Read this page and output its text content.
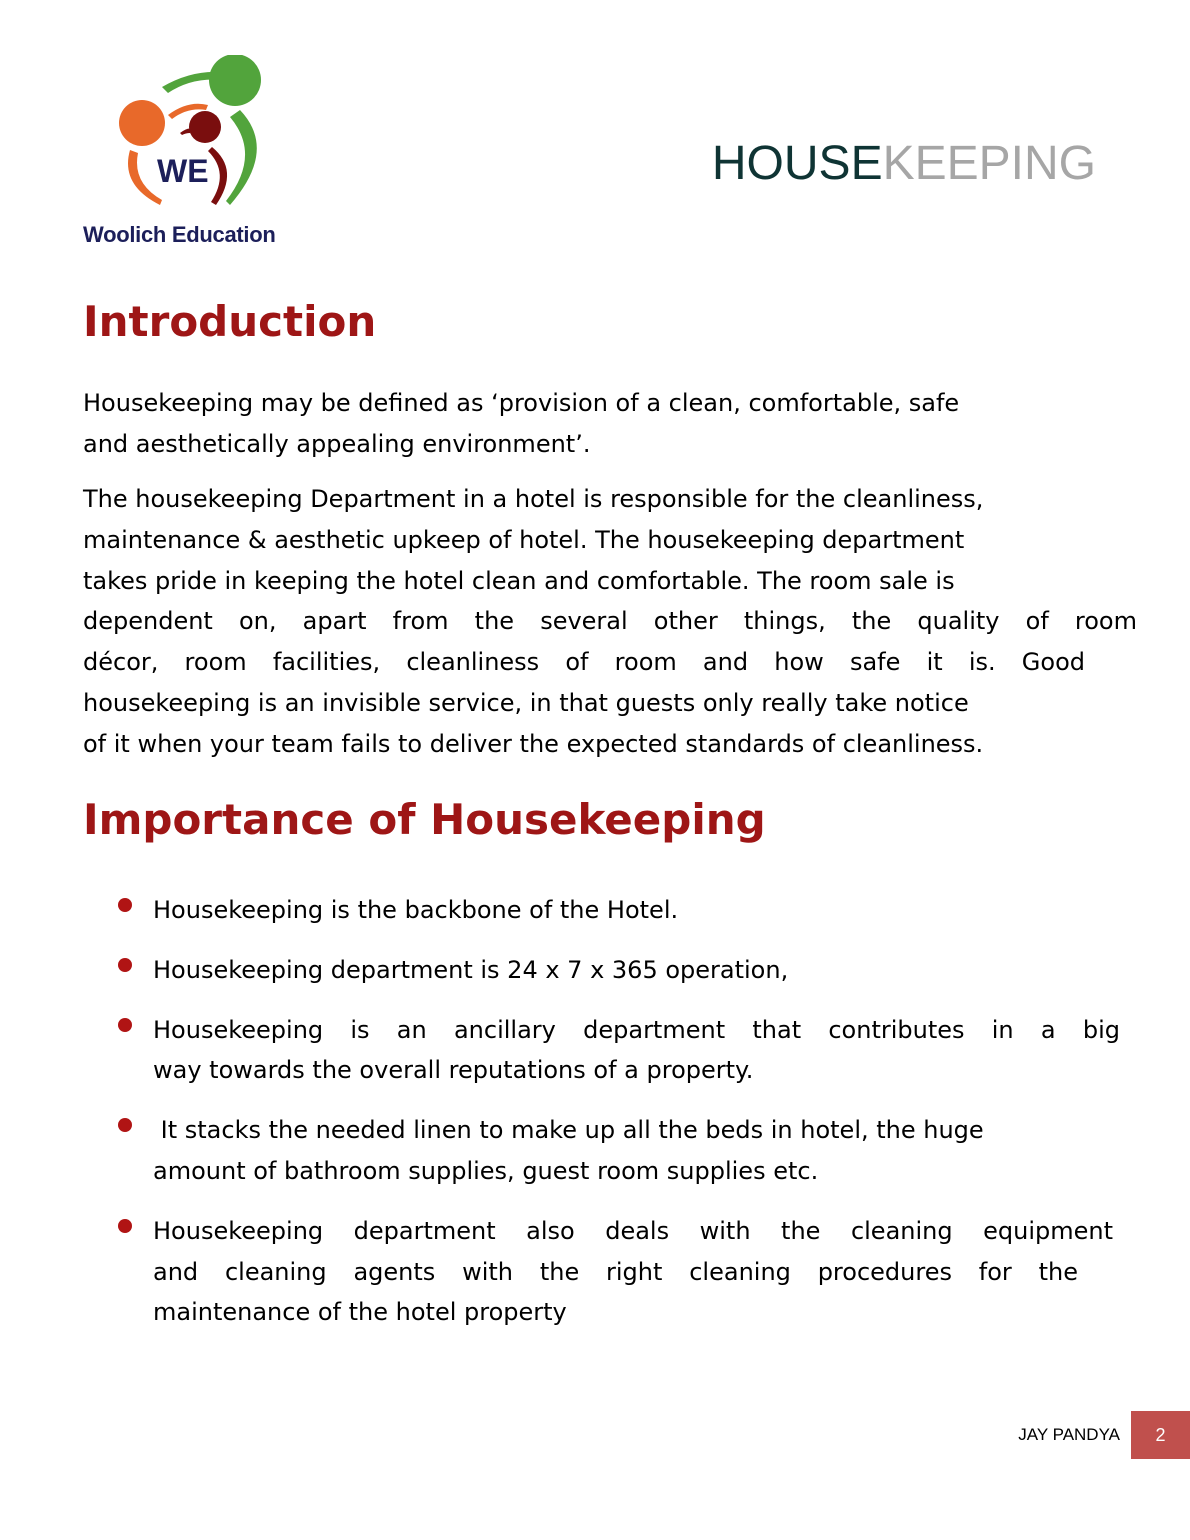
WE
Woolich Education
HOUSEKEEPING
Introduction
Housekeeping may be defined as ‘provision of a clean, comfortable, safe
and aesthetically appealing environment’.
The housekeeping Department in a hotel is responsible for the cleanliness,
maintenance & aesthetic upkeep of hotel. The housekeeping department
takes pride in keeping the hotel clean and comfortable. The room sale is
dependent on, apart from the several other things, the quality of room
décor, room facilities, cleanliness of room and how safe it is. Good
housekeeping is an invisible service, in that guests only really take notice
of it when your team fails to deliver the expected standards of cleanliness.
Importance of Housekeeping
Housekeeping is the backbone of the Hotel.
Housekeeping department is 24 x 7 x 365 operation,
Housekeeping is an ancillary department that contributes in a big
way towards the overall reputations of a property.
It stacks the needed linen to make up all the beds in hotel, the huge
amount of bathroom supplies, guest room supplies etc.
Housekeeping department also deals with the cleaning equipment
and cleaning agents with the right cleaning procedures for the
maintenance of the hotel property
JAY PANDYA	2
